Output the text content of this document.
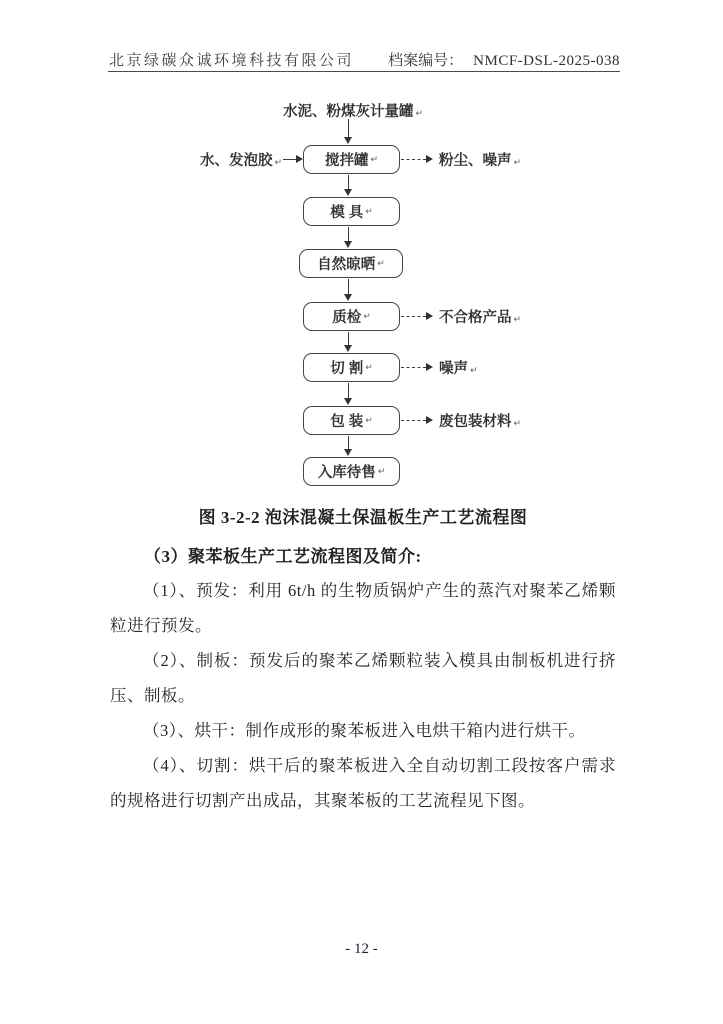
北京绿碳众诚环境科技有限公司 档案编号： NMCF-DSL-2025-038
水泥、粉煤灰计量罐 ↵
搅拌罐 ↵
模 具 ↵
自然晾晒 ↵
质检 ↵
切 割 ↵
包 装 ↵
入库待售 ↵
水、发泡胶 ↵	粉尘、噪声 ↵
不合格产品 ↵
噪声 ↵
废包装材料 ↵
图 3-2-2 泡沫混凝土保温板生产工艺流程图
（3）聚苯板生产工艺流程图及简介:

（1）、预发：利用 6t/h 的生物质锅炉产生的蒸汽对聚苯乙烯颗粒进行预发。

（2）、制板：预发后的聚苯乙烯颗粒装入模具由制板机进行挤压、制板。

（3）、烘干：制作成形的聚苯板进入电烘干箱内进行烘干。

（4）、切割：烘干后的聚苯板进入全自动切割工段按客户需求的规格进行切割产出成品，其聚苯板的工艺流程见下图。

- 12 -
